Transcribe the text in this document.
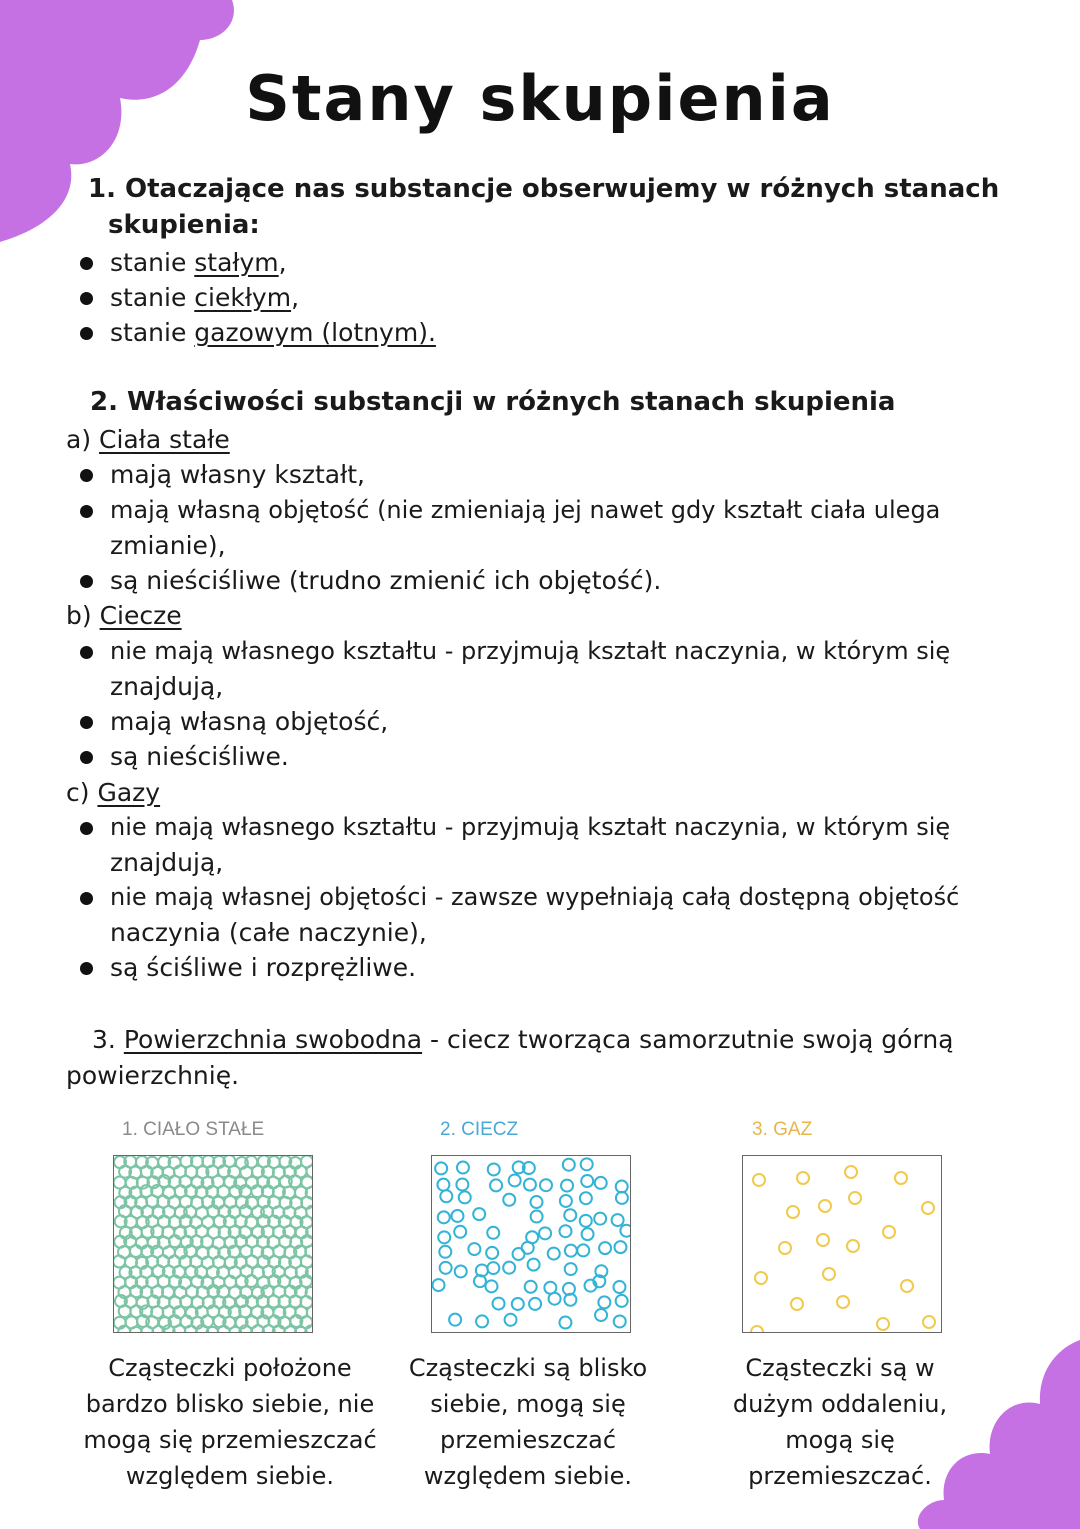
Stany skupienia
1. Otaczające nas substancje obserwujemy w różnych stanach
skupienia:
stanie stałym,
stanie ciekłym,
stanie gazowym (lotnym).
2. Właściwości substancji w różnych stanach skupienia
a) Ciała stałe
mają własny kształt,
mają własną objętość (nie zmieniają jej nawet gdy kształt ciała ulega
zmianie),
są nieściśliwe (trudno zmienić ich objętość).
b) Ciecze
nie mają własnego kształtu - przyjmują kształt naczynia, w którym się
znajdują,
mają własną objętość,
są nieściśliwe.
c) Gazy
nie mają własnego kształtu - przyjmują kształt naczynia, w którym się
znajdują,
nie mają własnej objętości - zawsze wypełniają całą dostępną objętość
naczynia (całe naczynie),
są ściśliwe i rozprężliwe.
3. Powierzchnia swobodna - ciecz tworząca samorzutnie swoją górną
powierzchnię.
1. CIAŁO STAŁE	2. CIECZ	3. GAZ
Cząsteczki położone bardzo blisko siebie, nie mogą się przemieszczać względem siebie.
Cząsteczki są blisko siebie, mogą się przemieszczać względem siebie.
Cząsteczki są w dużym oddaleniu, mogą się przemieszczać.
